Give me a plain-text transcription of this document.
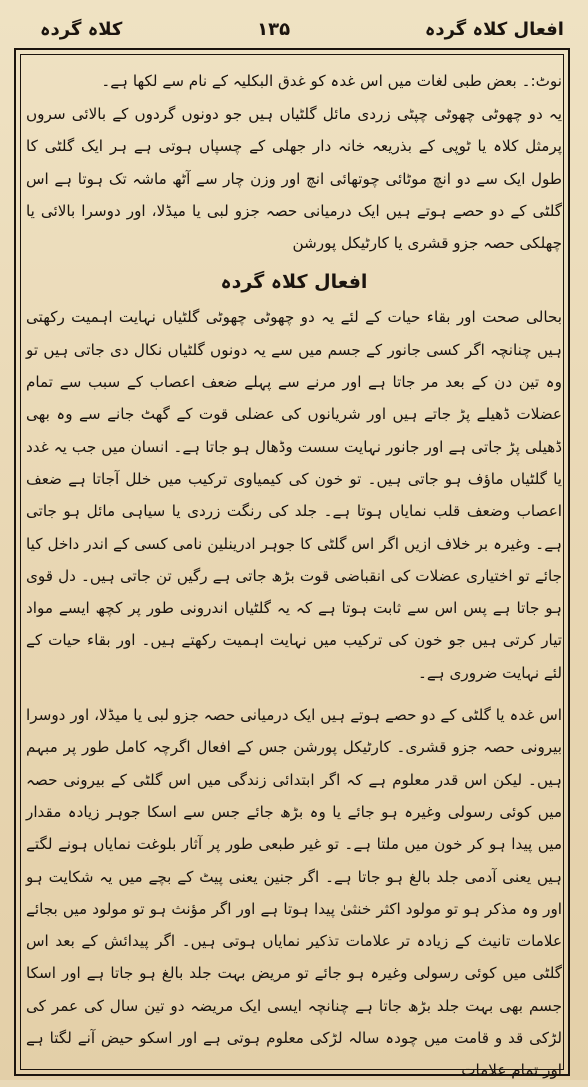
کلاہ گردہ	۱۳۵	افعال کلاہ گردہ

نوٹ:۔ بعض طبی لغات میں اس غدہ کو غدق البکلیہ کے نام سے لکھا ہے۔

یہ دو چھوٹی چھوٹی چپٹی زردی مائل گلٹیاں ہیں جو دونوں گردوں کے بالائی سروں پرمثل کلاہ یا ٹوپی کے بذریعہ خانہ دار جھلی کے چسپاں ہوتی ہے ہر ایک گلٹی کا طول ایک سے دو انچ موٹائی چوتھائی انچ اور وزن چار سے آٹھ ماشہ تک ہوتا ہے اس گلٹی کے دو حصے ہوتے ہیں ایک درمیانی حصہ جزو لبی یا میڈلا، اور دوسرا بالائی یا چھلکی حصہ جزو قشری یا کارٹیکل پورشن

افعال کلاہ گردہ

بحالی صحت اور بقاء حیات کے لئے یہ دو چھوٹی چھوٹی گلٹیاں نہایت اہمیت رکھتی ہیں چنانچہ اگر کسی جانور کے جسم میں سے یہ دونوں گلٹیاں نکال دی جاتی ہیں تو وہ تین دن کے بعد مر جاتا ہے اور مرنے سے پہلے ضعف اعصاب کے سبب سے تمام عضلات ڈھیلے پڑ جاتے ہیں اور شریانوں کی عضلی قوت کے گھٹ جانے سے وہ بھی ڈھیلی پڑ جاتی ہے اور جانور نہایت سست وڈھال ہو جاتا ہے۔ انسان میں جب یہ غدد یا گلٹیاں ماؤف ہو جاتی ہیں۔ تو خون کی کیمیاوی ترکیب میں خلل آجاتا ہے ضعف اعصاب وضعف قلب نمایاں ہوتا ہے۔ جلد کی رنگت زردی یا سیاہی مائل ہو جاتی ہے۔ وغیرہ بر خلاف ازیں اگر اس گلٹی کا جوہر ادرینلین نامی کسی کے اندر داخل کیا جائے تو اختیاری عضلات کی انقباضی قوت بڑھ جاتی ہے رگیں تن جاتی ہیں۔ دل قوی ہو جاتا ہے پس اس سے ثابت ہوتا ہے کہ یہ گلٹیاں اندرونی طور پر کچھ ایسے مواد تیار کرتی ہیں جو خون کی ترکیب میں نہایت اہمیت رکھتے ہیں۔ اور بقاء حیات کے لئے نہایت ضروری ہے۔

اس غدہ یا گلٹی کے دو حصے ہوتے ہیں ایک درمیانی حصہ جزو لبی یا میڈلا، اور دوسرا بیرونی حصہ جزو قشری۔ کارٹیکل پورشن جس کے افعال اگرچہ کامل طور پر مبہم ہیں۔ لیکن اس قدر معلوم ہے کہ اگر ابتدائی زندگی میں اس گلٹی کے بیرونی حصہ میں کوئی رسولی وغیرہ ہو جائے یا وہ بڑھ جائے جس سے اسکا جوہر زیادہ مقدار میں پیدا ہو کر خون میں ملتا ہے۔ تو غیر طبعی طور پر آثار بلوغت نمایاں ہونے لگتے ہیں یعنی آدمی جلد بالغ ہو جاتا ہے۔ اگر جنین یعنی پیٹ کے بچے میں یہ شکایت ہو اور وہ مذکر ہو تو مولود اکثر خنثیٰ پیدا ہوتا ہے اور اگر مؤنث ہو تو مولود میں بجائے علامات تانیث کے زیادہ تر علامات تذکیر نمایاں ہوتی ہیں۔ اگر پیدائش کے بعد اس گلٹی میں کوئی رسولی وغیرہ ہو جائے تو مریض بہت جلد بالغ ہو جاتا ہے اور اسکا جسم بھی بہت جلد بڑھ جاتا ہے چنانچہ ایسی ایک مریضہ دو تین سال کی عمر کی لڑکی قد و قامت میں چودہ سالہ لڑکی معلوم ہوتی ہے اور اسکو حیض آنے لگتا ہے اور تمام علامات
